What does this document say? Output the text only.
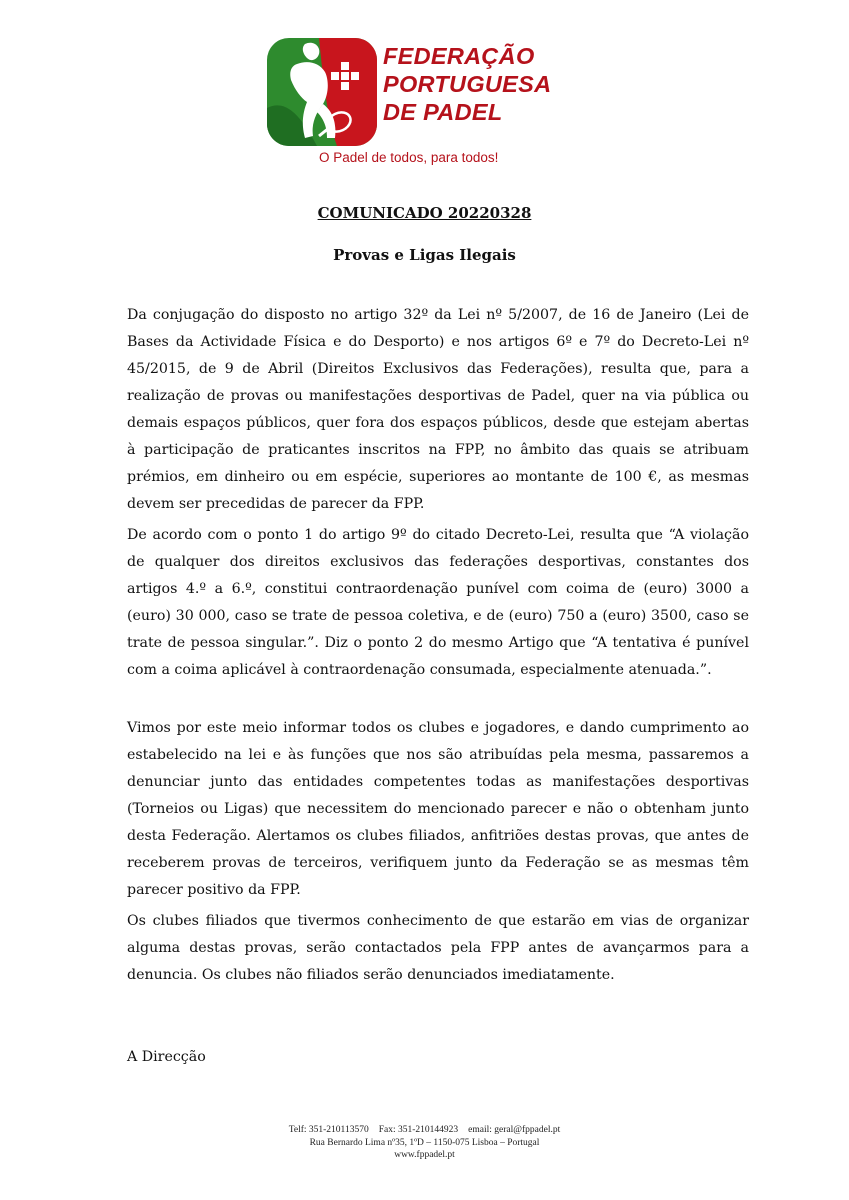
FEDERAÇÃO
PORTUGUESA
DE PADEL
O Padel de todos, para todos!
COMUNICADO 20220328
Provas e Ligas Ilegais

Da conjugação do disposto no artigo 32º da Lei nº 5/2007, de 16 de Janeiro (Lei de Bases da Actividade Física e do Desporto) e nos artigos 6º e 7º do Decreto-Lei nº 45/2015, de 9 de Abril (Direitos Exclusivos das Federações), resulta que, para a realização de provas ou manifestações desportivas de Padel, quer na via pública ou demais espaços públicos, quer fora dos espaços públicos, desde que estejam abertas à participação de praticantes inscritos na FPP, no âmbito das quais se atribuam prémios, em dinheiro ou em espécie, superiores ao montante de 100 €, as mesmas devem ser precedidas de parecer da FPP.

De acordo com o ponto 1 do artigo 9º do citado Decreto-Lei, resulta que “A violação de qualquer dos direitos exclusivos das federações desportivas, constantes dos artigos 4.º a 6.º, constitui contraordenação punível com coima de (euro) 3000 a (euro) 30 000, caso se trate de pessoa coletiva, e de (euro) 750 a (euro) 3500, caso se trate de pessoa singular.”. Diz o ponto 2 do mesmo Artigo que “A tentativa é punível com a coima aplicável à contraordenação consumada, especialmente atenuada.”.

Vimos por este meio informar todos os clubes e jogadores, e dando cumprimento ao estabelecido na lei e às funções que nos são atribuídas pela mesma, passaremos a denunciar junto das entidades competentes todas as manifestações desportivas (Torneios ou Ligas) que necessitem do mencionado parecer e não o obtenham junto desta Federação. Alertamos os clubes filiados, anfitriões destas provas, que antes de receberem provas de terceiros, verifiquem junto da Federação se as mesmas têm parecer positivo da FPP.

Os clubes filiados que tivermos conhecimento de que estarão em vias de organizar alguma destas provas, serão contactados pela FPP antes de avançarmos para a denuncia. Os clubes não filiados serão denunciados imediatamente.

A Direcção
Telf: 351-210113570 Fax: 351-210144923 email: geral@fppadel.pt
Rua Bernardo Lima nº35, 1ºD – 1150-075 Lisboa – Portugal
www.fppadel.pt
